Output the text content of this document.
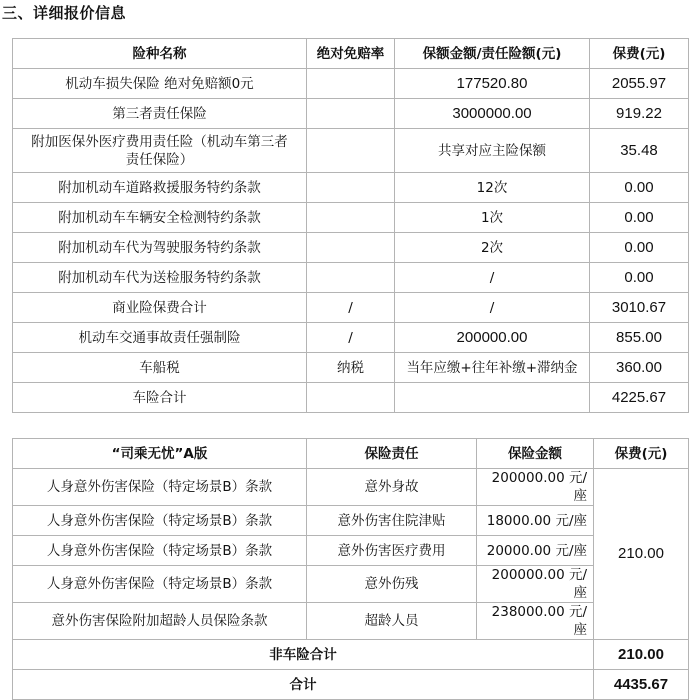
三、详细报价信息
险种名称	绝对免赔率	保额金额/责任险额(元)	保费(元)
机动车损失保险 绝对免赔额0元		177520.80	2055.97
第三者责任保险		3000000.00	919.22
附加医保外医疗费用责任险（机动车第三者责任保险）		共享对应主险保额	35.48
附加机动车道路救援服务特约条款		12次	0.00
附加机动车车辆安全检测特约条款		1次	0.00
附加机动车代为驾驶服务特约条款		2次	0.00
附加机动车代为送检服务特约条款		/	0.00
商业险保费合计	/	/	3010.67
机动车交通事故责任强制险	/	200000.00	855.00
车船税	纳税	当年应缴+往年补缴+滞纳金	360.00
车险合计			4225.67
“司乘无忧”A版	保险责任	保险金额	保费(元)
人身意外伤害保险（特定场景B）条款	意外身故	200000.00 元/座	210.00
人身意外伤害保险（特定场景B）条款	意外伤害住院津贴	18000.00 元/座	
人身意外伤害保险（特定场景B）条款	意外伤害医疗费用	20000.00 元/座	
人身意外伤害保险（特定场景B）条款	意外伤残	200000.00 元/座	
意外伤害保险附加超龄人员保险条款	超龄人员	238000.00 元/座	
非车险合计			210.00
合计			4435.67
